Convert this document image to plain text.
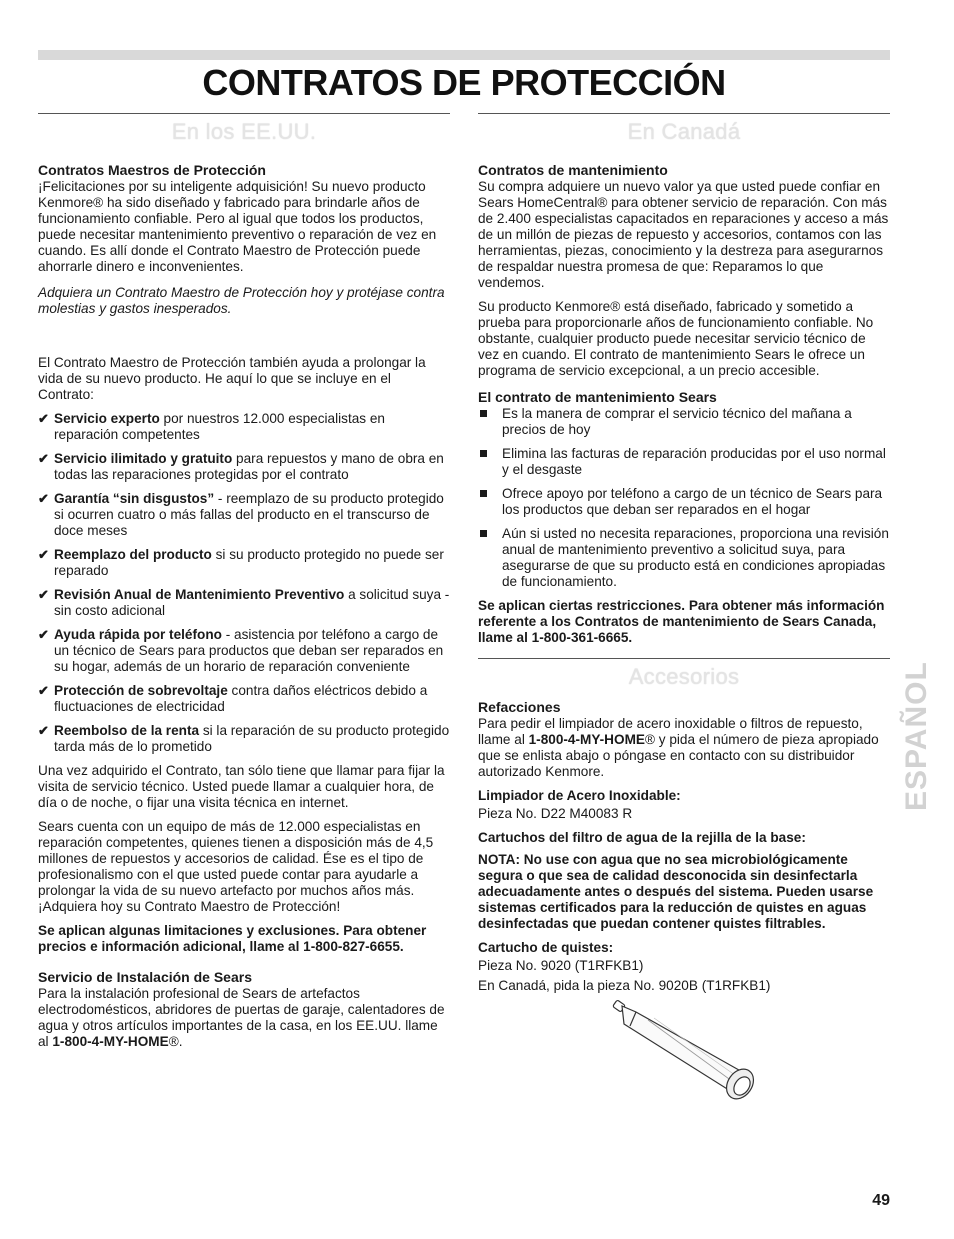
CONTRATOS DE PROTECCIÓN
En los EE.UU.
Contratos Maestros de Protección

¡Felicitaciones por su inteligente adquisición! Su nuevo producto Kenmore® ha sido diseñado y fabricado para brindarle años de funcionamiento confiable. Pero al igual que todos los productos, puede necesitar mantenimiento preventivo o reparación de vez en cuando. Es allí donde el Contrato Maestro de Protección puede ahorrarle dinero e inconvenientes.

Adquiera un Contrato Maestro de Protección hoy y protéjase contra molestias y gastos inesperados.

El Contrato Maestro de Protección también ayuda a prolongar la vida de su nuevo producto. He aquí lo que se incluye en el Contrato:

✔ Servicio experto por nuestros 12.000 especialistas en reparación competentes
✔ Servicio ilimitado y gratuito para repuestos y mano de obra en todas las reparaciones protegidas por el contrato
✔ Garantía “sin disgustos” - reemplazo de su producto protegido si ocurren cuatro o más fallas del producto en el transcurso de doce meses
✔ Reemplazo del producto si su producto protegido no puede ser reparado
✔ Revisión Anual de Mantenimiento Preventivo a solicitud suya - sin costo adicional
✔ Ayuda rápida por teléfono - asistencia por teléfono a cargo de un técnico de Sears para productos que deban ser reparados en su hogar, además de un horario de reparación conveniente
✔ Protección de sobrevoltaje contra daños eléctricos debido a fluctuaciones de electricidad
✔ Reembolso de la renta si la reparación de su producto protegido tarda más de lo prometido

Una vez adquirido el Contrato, tan sólo tiene que llamar para fijar la visita de servicio técnico. Usted puede llamar a cualquier hora, de día o de noche, o fijar una visita técnica en internet.

Sears cuenta con un equipo de más de 12.000 especialistas en reparación competentes, quienes tienen a disposición más de 4,5 millones de repuestos y accesorios de calidad. Ése es el tipo de profesionalismo con el que usted puede contar para ayudarle a prolongar la vida de su nuevo artefacto por muchos años más. ¡Adquiera hoy su Contrato Maestro de Protección!

Se aplican algunas limitaciones y exclusiones. Para obtener precios e información adicional, llame al 1-800-827-6655.

Servicio de Instalación de Sears

Para la instalación profesional de Sears de artefactos electrodomésticos, abridores de puertas de garaje, calentadores de agua y otros artículos importantes de la casa, en los EE.UU. llame al 1-800-4-MY-HOME®.

En Canadá
Contratos de mantenimiento

Su compra adquiere un nuevo valor ya que usted puede confiar en Sears HomeCentral® para obtener servicio de reparación. Con más de 2.400 especialistas capacitados en reparaciones y acceso a más de un millón de piezas de repuesto y accesorios, contamos con las herramientas, piezas, conocimiento y la destreza para asegurarnos de respaldar nuestra promesa de que: Reparamos lo que vendemos.

Su producto Kenmore® está diseñado, fabricado y sometido a prueba para proporcionarle años de funcionamiento confiable. No obstante, cualquier producto puede necesitar servicio técnico de vez en cuando. El contrato de mantenimiento Sears le ofrece un programa de servicio excepcional, a un precio accesible.

El contrato de mantenimiento Sears
Es la manera de comprar el servicio técnico del mañana a precios de hoy
Elimina las facturas de reparación producidas por el uso normal y el desgaste
Ofrece apoyo por teléfono a cargo de un técnico de Sears para los productos que deban ser reparados en el hogar
Aún si usted no necesita reparaciones, proporciona una revisión anual de mantenimiento preventivo a solicitud suya, para asegurarse de que su producto está en condiciones apropiadas de funcionamiento.

Se aplican ciertas restricciones. Para obtener más información referente a los Contratos de mantenimiento de Sears Canada, llame al 1-800-361-6665.

Accesorios
Refacciones

Para pedir el limpiador de acero inoxidable o filtros de repuesto, llame al 1-800-4-MY-HOME® y pida el número de pieza apropiado que se enlista abajo o póngase en contacto con su distribuidor autorizado Kenmore.

Limpiador de Acero Inoxidable:

Pieza No. D22 M40083 R

Cartuchos del filtro de agua de la rejilla de la base:

NOTA: No use con agua que no sea microbiológicamente segura o que sea de calidad desconocida sin desinfectarla adecuadamente antes o después del sistema. Pueden usarse sistemas certificados para la reducción de quistes en aguas desinfectadas que puedan contener quistes filtrables.

Cartucho de quistes:

Pieza No. 9020 (T1RFKB1)

En Canadá, pida la pieza No. 9020B (T1RFKB1)

ESPAÑOL
49
